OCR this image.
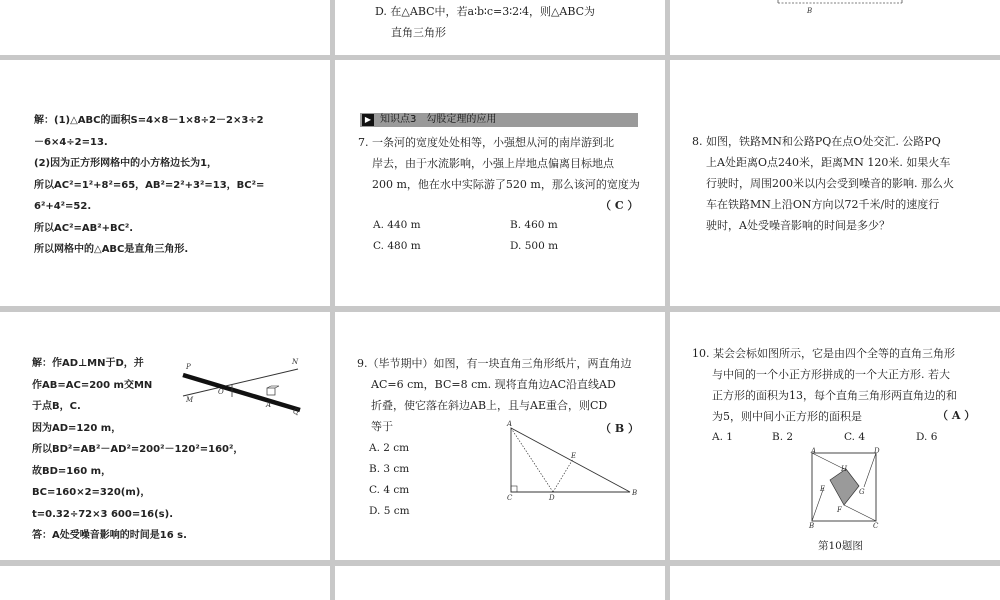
D. 在△ABC中，若a∶b∶c=3∶2∶4，则△ABC为
直角三角形
B
解：(1)△ABC的面积S=4×8－1×8÷2－2×3÷2
－6×4÷2=13.
(2)因为正方形网格中的小方格边长为1，
所以AC²=1²+8²=65，AB²=2²+3²=13，BC²=
6²+4²=52.
所以AC²=AB²+BC².
所以网格中的△ABC是直角三角形.
▶ 知识点3　勾股定理的应用
7. 一条河的宽度处处相等，小强想从河的南岸游到北
岸去，由于水流影响，小强上岸地点偏离目标地点
200 m，他在水中实际游了520 m，那么该河的宽度为
（ C ）
A. 440 m	B. 460 m
C. 480 m	D. 500 m
8. 如图，铁路MN和公路PQ在点O处交汇. 公路PQ
上A处距离O点240米，距离MN 120米. 如果火车
行驶时，周围200米以内会受到噪音的影响. 那么火
车在铁路MN上沿ON方向以72千米/时的速度行
驶时，A处受噪音影响的时间是多少？
解：作AD⊥MN于D，并
作AB=AC=200 m交MN
于点B，C.
因为AD=120 m，
所以BD²=AB²－AD²=200²－120²=160²，
故BD=160 m，
BC=160×2=320(m)，
t=0.32÷72×3 600=16(s).
答：A处受噪音影响的时间是16 s.
P
N
M
O
A
Q
9.（毕节期中）如图，有一块直角三角形纸片，两直角边
AC=6 cm，BC=8 cm. 现将直角边AC沿直线AD
折叠，使它落在斜边AB上，且与AE重合，则CD
等于	（ B ）
A. 2 cm
B. 3 cm
C. 4 cm
D. 5 cm
A
C	D
E
B
10. 某会会标如图所示，它是由四个全等的直角三角形
与中间的一个小正方形拼成的一个大正方形. 若大
正方形的面积为13，每个直角三角形两直角边的和
为5，则中间小正方形的面积是	（ A ）
A. 1	B. 2	C. 4	D. 6
A	D
H
E	G
F
B	C
第10题图
